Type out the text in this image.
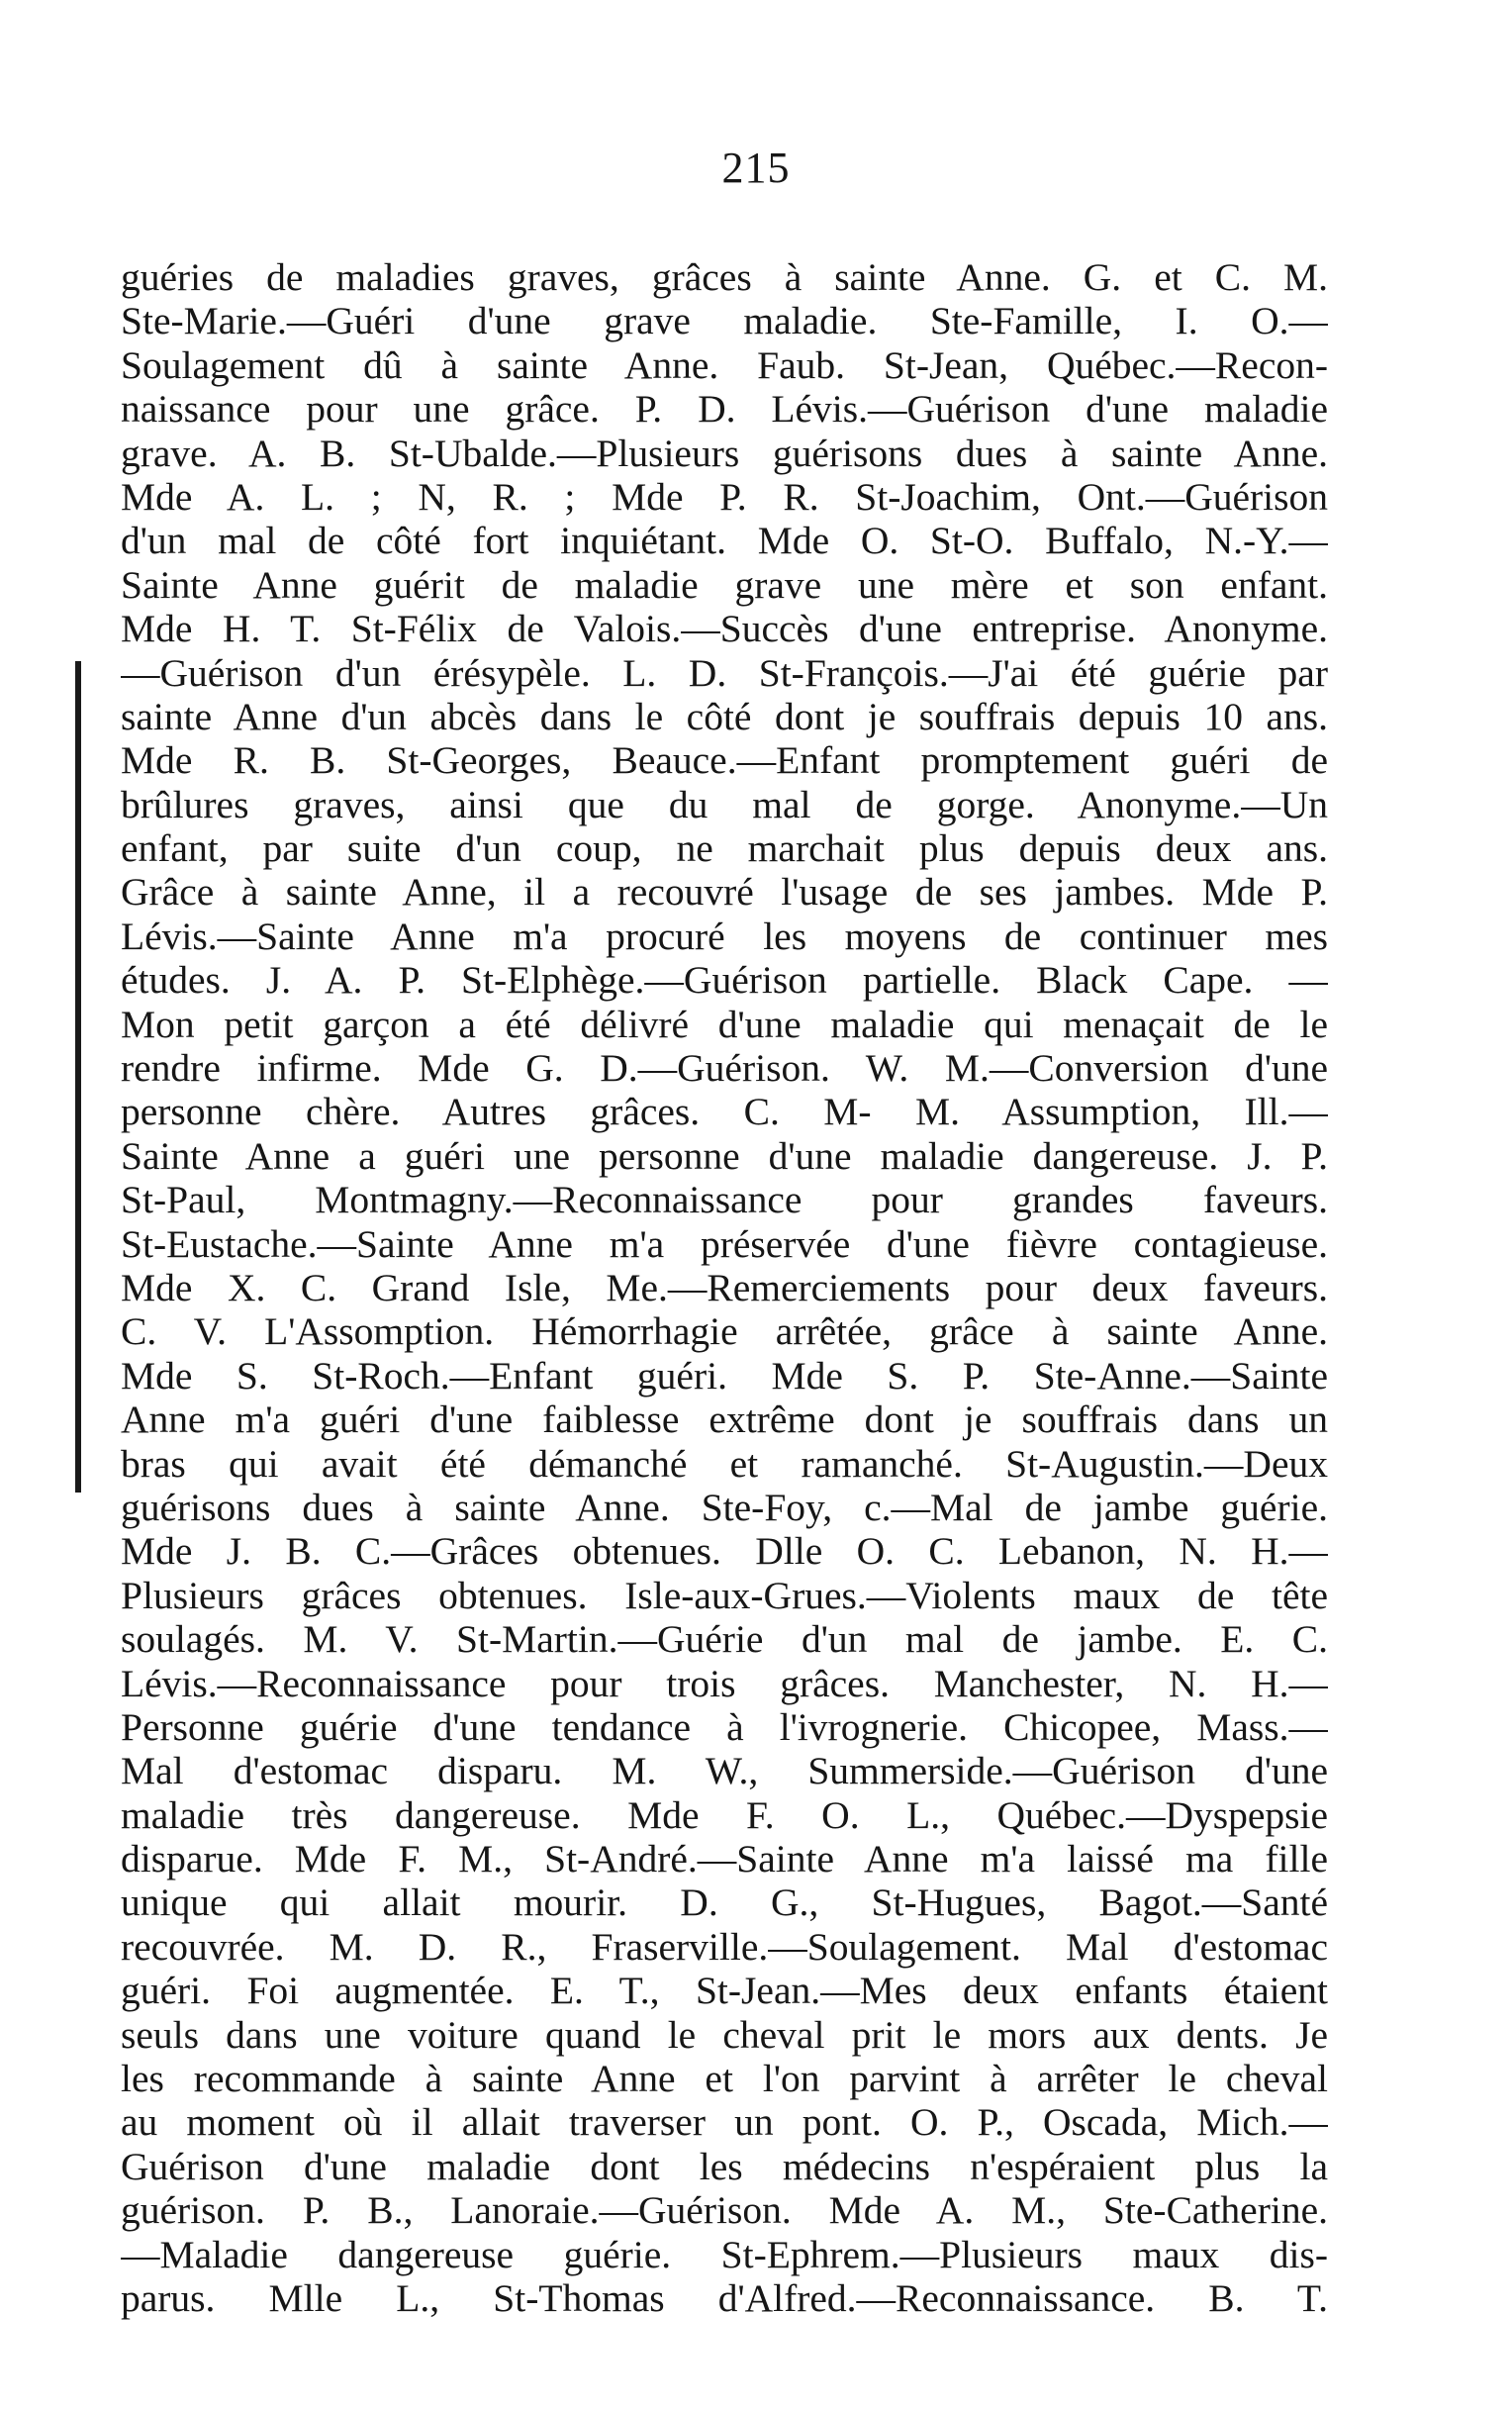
215
guéries de maladies graves, grâces à sainte Anne. G. et C. M.
Ste-Marie.—Guéri d'une grave maladie. Ste-Famille, I. O.—
Soulagement dû à sainte Anne. Faub. St-Jean, Québec.—Recon-
naissance pour une grâce. P. D. Lévis.—Guérison d'une maladie
grave. A. B. St-Ubalde.—Plusieurs guérisons dues à sainte Anne.
Mde A. L. ; N, R. ; Mde P. R. St-Joachim, Ont.—Guérison
d'un mal de côté fort inquiétant. Mde O. St-O. Buffalo, N.-Y.—
Sainte Anne guérit de maladie grave une mère et son enfant.
Mde H. T. St-Félix de Valois.—Succès d'une entreprise. Anonyme.
—Guérison d'un érésypèle. L. D. St-François.—J'ai été guérie par
sainte Anne d'un abcès dans le côté dont je souffrais depuis 10 ans.
Mde R. B. St-Georges, Beauce.—Enfant promptement guéri de
brûlures graves, ainsi que du mal de gorge. Anonyme.—Un
enfant, par suite d'un coup, ne marchait plus depuis deux ans.
Grâce à sainte Anne, il a recouvré l'usage de ses jambes. Mde P.
Lévis.—Sainte Anne m'a procuré les moyens de continuer mes
études. J. A. P. St-Elphège.—Guérison partielle. Black Cape. —
Mon petit garçon a été délivré d'une maladie qui menaçait de le
rendre infirme. Mde G. D.—Guérison. W. M.—Conversion d'une
personne chère. Autres grâces. C. M- M. Assumption, Ill.—
Sainte Anne a guéri une personne d'une maladie dangereuse. J. P.
St-Paul, Montmagny.—Reconnaissance pour grandes faveurs.
St-Eustache.—Sainte Anne m'a préservée d'une fièvre contagieuse.
Mde X. C. Grand Isle, Me.—Remerciements pour deux faveurs.
C. V. L'Assomption. Hémorrhagie arrêtée, grâce à sainte Anne.
Mde S. St-Roch.—Enfant guéri. Mde S. P. Ste-Anne.—Sainte
Anne m'a guéri d'une faiblesse extrême dont je souffrais dans un
bras qui avait été démanché et ramanché. St-Augustin.—Deux
guérisons dues à sainte Anne. Ste-Foy, c.—Mal de jambe guérie.
Mde J. B. C.—Grâces obtenues. Dlle O. C. Lebanon, N. H.—
Plusieurs grâces obtenues. Isle-aux-Grues.—Violents maux de tête
soulagés. M. V. St-Martin.—Guérie d'un mal de jambe. E. C.
Lévis.—Reconnaissance pour trois grâces. Manchester, N. H.—
Personne guérie d'une tendance à l'ivrognerie. Chicopee, Mass.—
Mal d'estomac disparu. M. W., Summerside.—Guérison d'une
maladie très dangereuse. Mde F. O. L., Québec.—Dyspepsie
disparue. Mde F. M., St-André.—Sainte Anne m'a laissé ma fille
unique qui allait mourir. D. G., St-Hugues, Bagot.—Santé
recouvrée. M. D. R., Fraserville.—Soulagement. Mal d'estomac
guéri. Foi augmentée. E. T., St-Jean.—Mes deux enfants étaient
seuls dans une voiture quand le cheval prit le mors aux dents. Je
les recommande à sainte Anne et l'on parvint à arrêter le cheval
au moment où il allait traverser un pont. O. P., Oscada, Mich.—
Guérison d'une maladie dont les médecins n'espéraient plus la
guérison. P. B., Lanoraie.—Guérison. Mde A. M., Ste-Catherine.
—Maladie dangereuse guérie. St-Ephrem.—Plusieurs maux dis-
parus. Mlle L., St-Thomas d'Alfred.—Reconnaissance. B. T.
